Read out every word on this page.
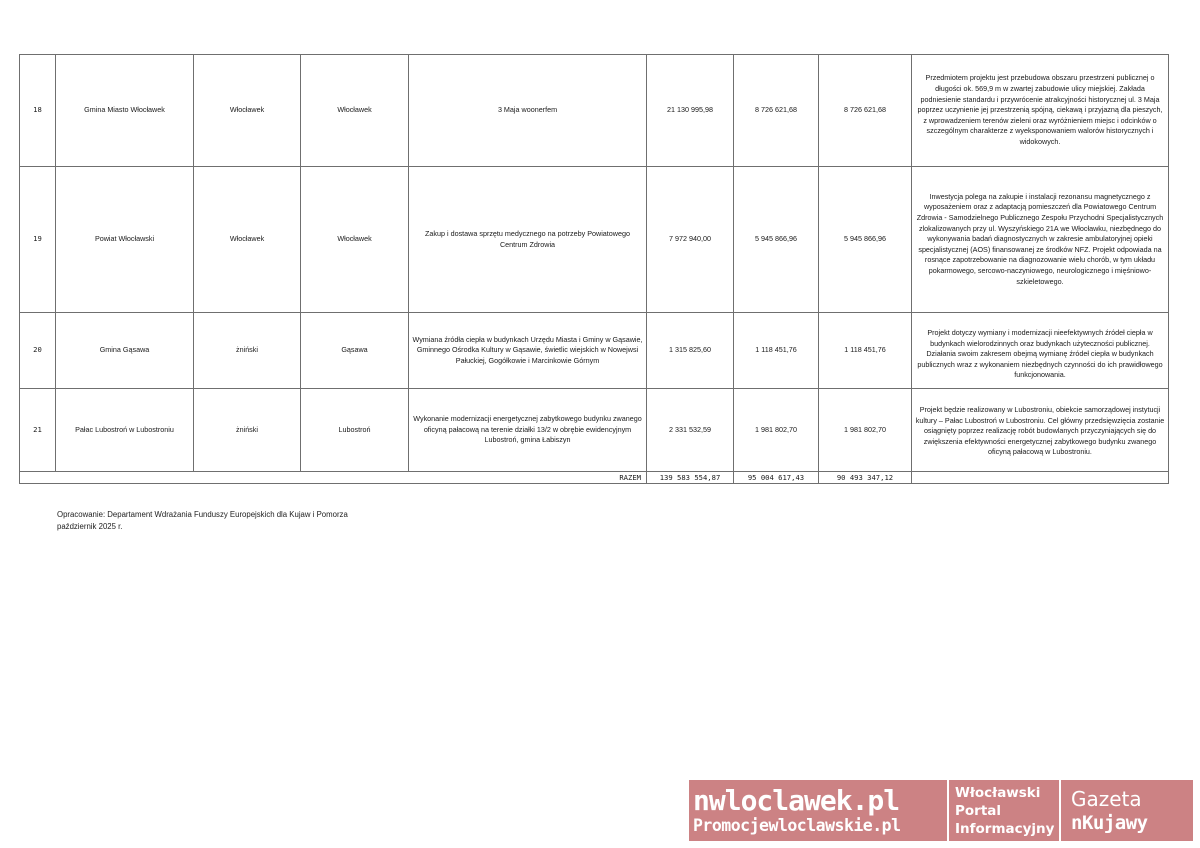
18	Gmina Miasto Włocławek	Włocławek	Włocławek	3 Maja woonerfem	21 130 995,98	8 726 621,68	8 726 621,68	Przedmiotem projektu jest przebudowa obszaru przestrzeni publicznej o długości ok. 569,9 m w zwartej zabudowie ulicy miejskiej. Zakłada podniesienie standardu i przywrócenie atrakcyjności historycznej ul. 3 Maja poprzez uczynienie jej przestrzenią spójną, ciekawą i przyjazną dla pieszych, z wprowadzeniem terenów zieleni oraz wyróżnieniem miejsc i odcinków o szczególnym charakterze z wyeksponowaniem walorów historycznych i widokowych.
19	Powiat Włocławski	Włocławek	Włocławek	Zakup i dostawa sprzętu medycznego na potrzeby Powiatowego Centrum Zdrowia	7 972 940,00	5 945 866,96	5 945 866,96	Inwestycja polega na zakupie i instalacji rezonansu magnetycznego z wyposażeniem oraz z adaptacją pomieszczeń dla Powiatowego Centrum Zdrowia - Samodzielnego Publicznego Zespołu Przychodni Specjalistycznych zlokalizowanych przy ul. Wyszyńskiego 21A we Włocławku, niezbędnego do wykonywania badań diagnostycznych w zakresie ambulatoryjnej opieki specjalistycznej (AOS) finansowanej ze środków NFZ. Projekt odpowiada na rosnące zapotrzebowanie na diagnozowanie wielu chorób, w tym układu pokarmowego, sercowo-naczyniowego, neurologicznego i mięśniowo-szkieletowego.
20	Gmina Gąsawa	żniński	Gąsawa	Wymiana źródła ciepła w budynkach Urzędu Miasta i Gminy w Gąsawie, Gminnego Ośrodka Kultury w Gąsawie, świetlic wiejskich w Nowejwsi Pałuckiej, Gogółkowie i Marcinkowie Górnym	1 315 825,60	1 118 451,76	1 118 451,76	Projekt dotyczy wymiany i modernizacji nieefektywnych źródeł ciepła w budynkach wielorodzinnych oraz budynkach użyteczności publicznej. Działania swoim zakresem obejmą wymianę źródeł ciepła w budynkach publicznych wraz z wykonaniem niezbędnych czynności do ich prawidłowego funkcjonowania.
21	Pałac Lubostroń w Lubostroniu	żniński	Lubostroń	Wykonanie modernizacji energetycznej zabytkowego budynku zwanego oficyną pałacową na terenie działki 13/2 w obrębie ewidencyjnym Lubostroń, gmina Łabiszyn	2 331 532,59	1 981 802,70	1 981 802,70	Projekt będzie realizowany w Lubostroniu, obiekcie samorządowej instytucji kultury – Pałac Lubostroń w Lubostroniu. Cel główny przedsięwzięcia zostanie osiągnięty poprzez realizację robót budowlanych przyczyniających się do zwiększenia efektywności energetycznej zabytkowego budynku zwanego oficyną pałacową w Lubostroniu.
RAZEM					139 583 554,87	95 004 617,43	90 493 347,12	
Opracowanie: Departament Wdrażania Funduszy Europejskich dla Kujaw i Pomorza
październik 2025 r.
nwloclawek.pl
Promocjewloclawskie.pl
Włocławski
Portal
Informacyjny
Gazeta
nKujawy
